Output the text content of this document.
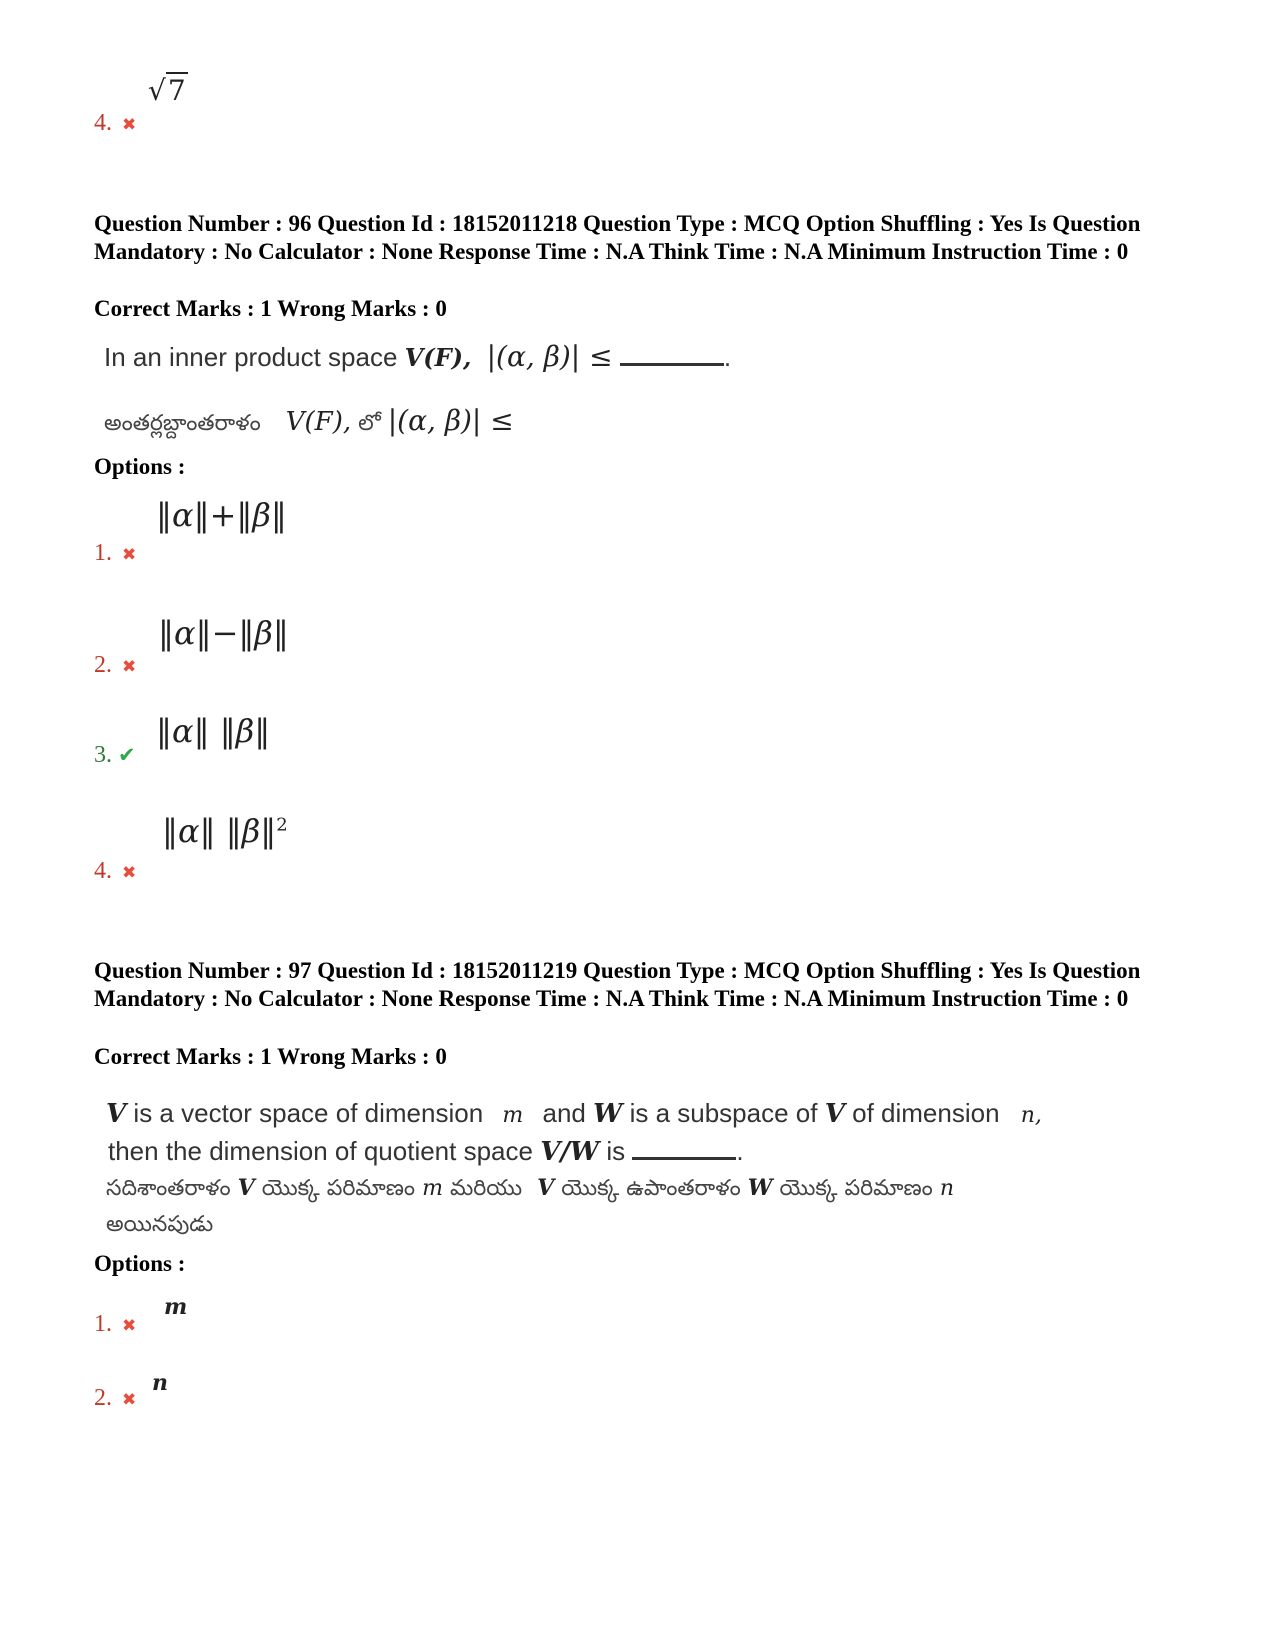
√7
4. ✖
Question Number : 96 Question Id : 18152011218 Question Type : MCQ Option Shuffling : Yes Is Question Mandatory : No Calculator : None Response Time : N.A Think Time : N.A Minimum Instruction Time : 0
Correct Marks : 1 Wrong Marks : 0
In an inner product space V(F), |(α, β)| ≤	.
అంతర్లబ్దాంతరాళం V(F), లో |(α, β)| ≤
Options :
‖α‖+‖β‖
1. ✖
‖α‖−‖β‖
2. ✖
‖α‖ ‖β‖
3. ✔
‖α‖ ‖β‖$^2$
4. ✖
Question Number : 97 Question Id : 18152011219 Question Type : MCQ Option Shuffling : Yes Is Question Mandatory : No Calculator : None Response Time : N.A Think Time : N.A Minimum Instruction Time : 0
Correct Marks : 1 Wrong Marks : 0
V is a vector space of dimension m and W is a subspace of V of dimension n,
then the dimension of quotient space V/W is	.
సదిశాంతరాళం V యొక్క పరిమాణం m మరియు V యొక్క ఉపాంతరాళం W యొక్క పరిమాణం n
అయినపుడు
Options :
m
1. ✖
n
2. ✖
